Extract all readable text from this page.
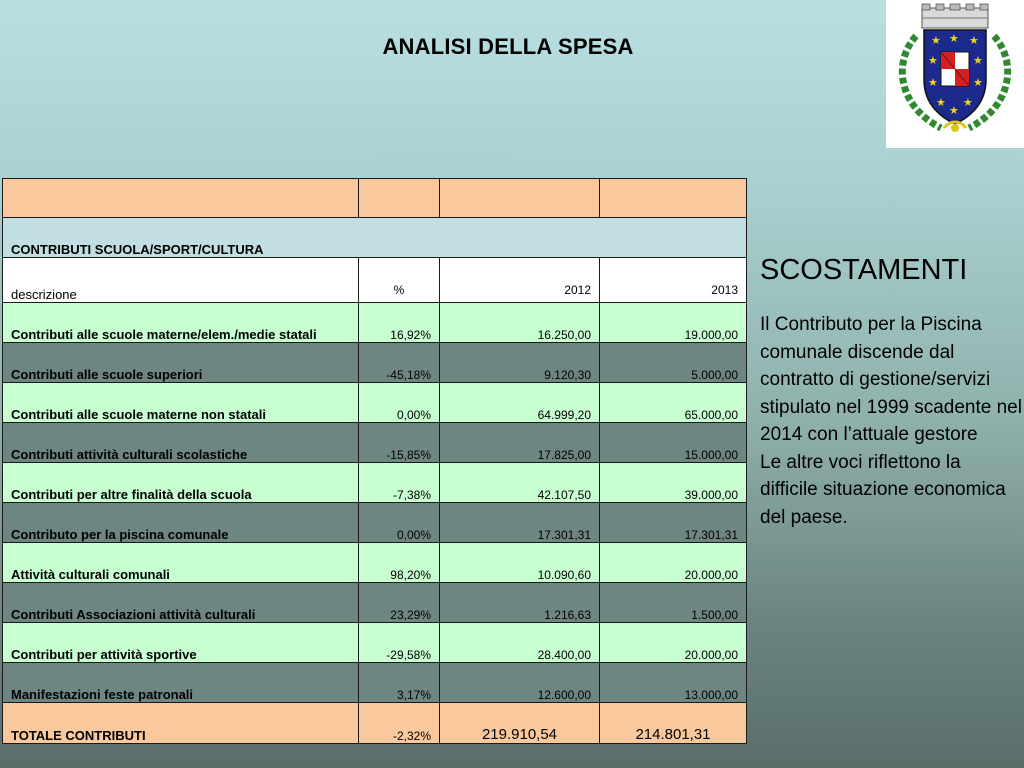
ANALISI DELLA SPESA	★ ★ ★
★	★
★	★
★
★
★

CONTRIBUTI SCUOLA/SPORT/CULTURA			
descrizione	%	2012	2013
Contributi alle scuole materne/elem./medie statali	16,92%	16.250,00	19.000,00
Contributi alle scuole superiori	-45,18%	9.120,30	5.000,00
Contributi alle scuole materne non statali	0,00%	64.999,20	65.000,00
Contributi attività culturali scolastiche	-15,85%	17.825,00	15.000,00
Contributi per altre finalità della scuola	-7,38%	42.107,50	39.000,00
Contributo per la piscina comunale	0,00%	17.301,31	17.301,31
Attività culturali comunali	98,20%	10.090,60	20.000,00
Contributi Associazioni attività culturali	23,29%	1.216,63	1.500,00
Contributi per attività sportive	-29,58%	28.400,00	20.000,00
Manifestazioni feste patronali	3,17%	12.600,00	13.000,00
TOTALE CONTRIBUTI	-2,32%	219.910,54	214.801,31
SCOSTAMENTI
Il Contributo per la Piscina comunale discende dal contratto di gestione/servizi stipulato nel 1999 scadente nel 2014 con l’attuale gestore
Le altre voci riflettono la difficile situazione economica del paese.
